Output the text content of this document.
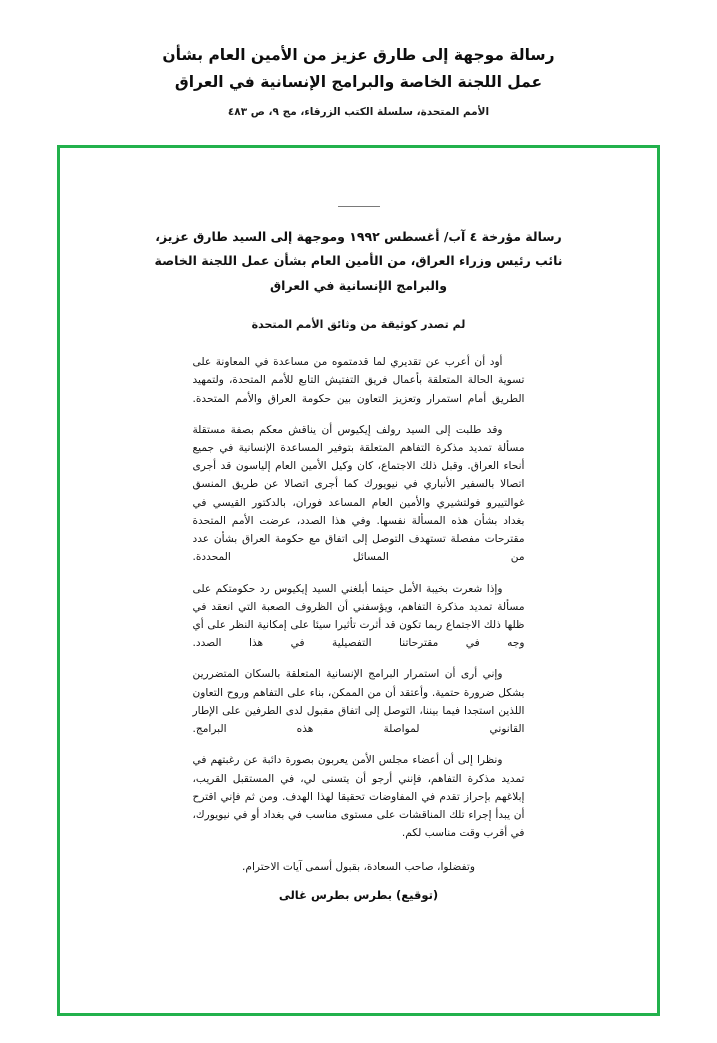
رسالة موجهة إلى طارق عزيز من الأمين العام بشأن
عمل اللجنة الخاصة والبرامج الإنسانية في العراق
الأمم المتحدة، سلسلة الكتب الزرقاء، مج ٩، ص ٤٨٣
رسالة مؤرخة ٤ آب/ أغسطس ١٩٩٢ وموجهة إلى السيد طارق عزيز،
نائب رئيس وزراء العراق، من الأمين العام بشأن عمل اللجنة الخاصة
والبرامج الإنسانية في العراق
لم تصدر كوثيقة من وثائق الأمم المتحدة

أود أن أعرب عن تقديري لما قدمتموه من مساعدة في المعاونة على تسوية الحالة المتعلقة بأعمال فريق التفتيش التابع للأمم المتحدة، ولتمهيد الطريق أمام استمرار وتعزيز التعاون بين حكومة العراق والأمم المتحدة.

وقد طلبت إلى السيد رولف إيكيوس أن يناقش معكم بصفة مستقلة مسألة تمديد مذكرة التفاهم المتعلقة بتوفير المساعدة الإنسانية في جميع أنحاء العراق. وقبل ذلك الاجتماع، كان وكيل الأمين العام إلياسون قد أجرى اتصالا بالسفير الأنباري في نيويورك كما أجرى اتصالا عن طريق المنسق غوالتييرو فولتشيري والأمين العام المساعد فوران، بالدكتور القيسي في بغداد بشأن هذه المسألة نفسها. وفي هذا الصدد، عرضت الأمم المتحدة مقترحات مفصلة تستهدف التوصل إلى اتفاق مع حكومة العراق بشأن عدد من المسائل المحددة.

وإذا شعرت بخيبة الأمل حينما أبلغني السيد إيكيوس رد حكومتكم على مسألة تمديد مذكرة التفاهم، ويؤسفني أن الظروف الصعبة التي انعقد في ظلها ذلك الاجتماع ربما تكون قد أثرت تأثيرا سيئا على إمكانية النظر على أي وجه في مقترحاتنا التفصيلية في هذا الصدد.

وإني أرى أن استمرار البرامج الإنسانية المتعلقة بالسكان المتضررين بشكل ضرورة حتمية. وأعتقد أن من الممكن، بناء على التفاهم وروح التعاون اللذين استجدا فيما بيننا، التوصل إلى اتفاق مقبول لدى الطرفين على الإطار القانوني لمواصلة هذه البرامج.

ونظرا إلى أن أعضاء مجلس الأمن يعربون بصورة دائبة عن رغبتهم في تمديد مذكرة التفاهم، فإنني أرجو أن يتسنى لي، في المستقبل القريب، إبلاغهم بإحراز تقدم في المفاوضات تحقيقا لهذا الهدف. ومن ثم فإني اقترح أن يبدأ إجراء تلك المناقشات على مستوى مناسب في بغداد أو في نيويورك، في أقرب وقت مناسب لكم.

وتفضلوا، صاحب السعادة، بقبول أسمى آيات الاحترام.
(توقيع) بطرس بطرس غالى
